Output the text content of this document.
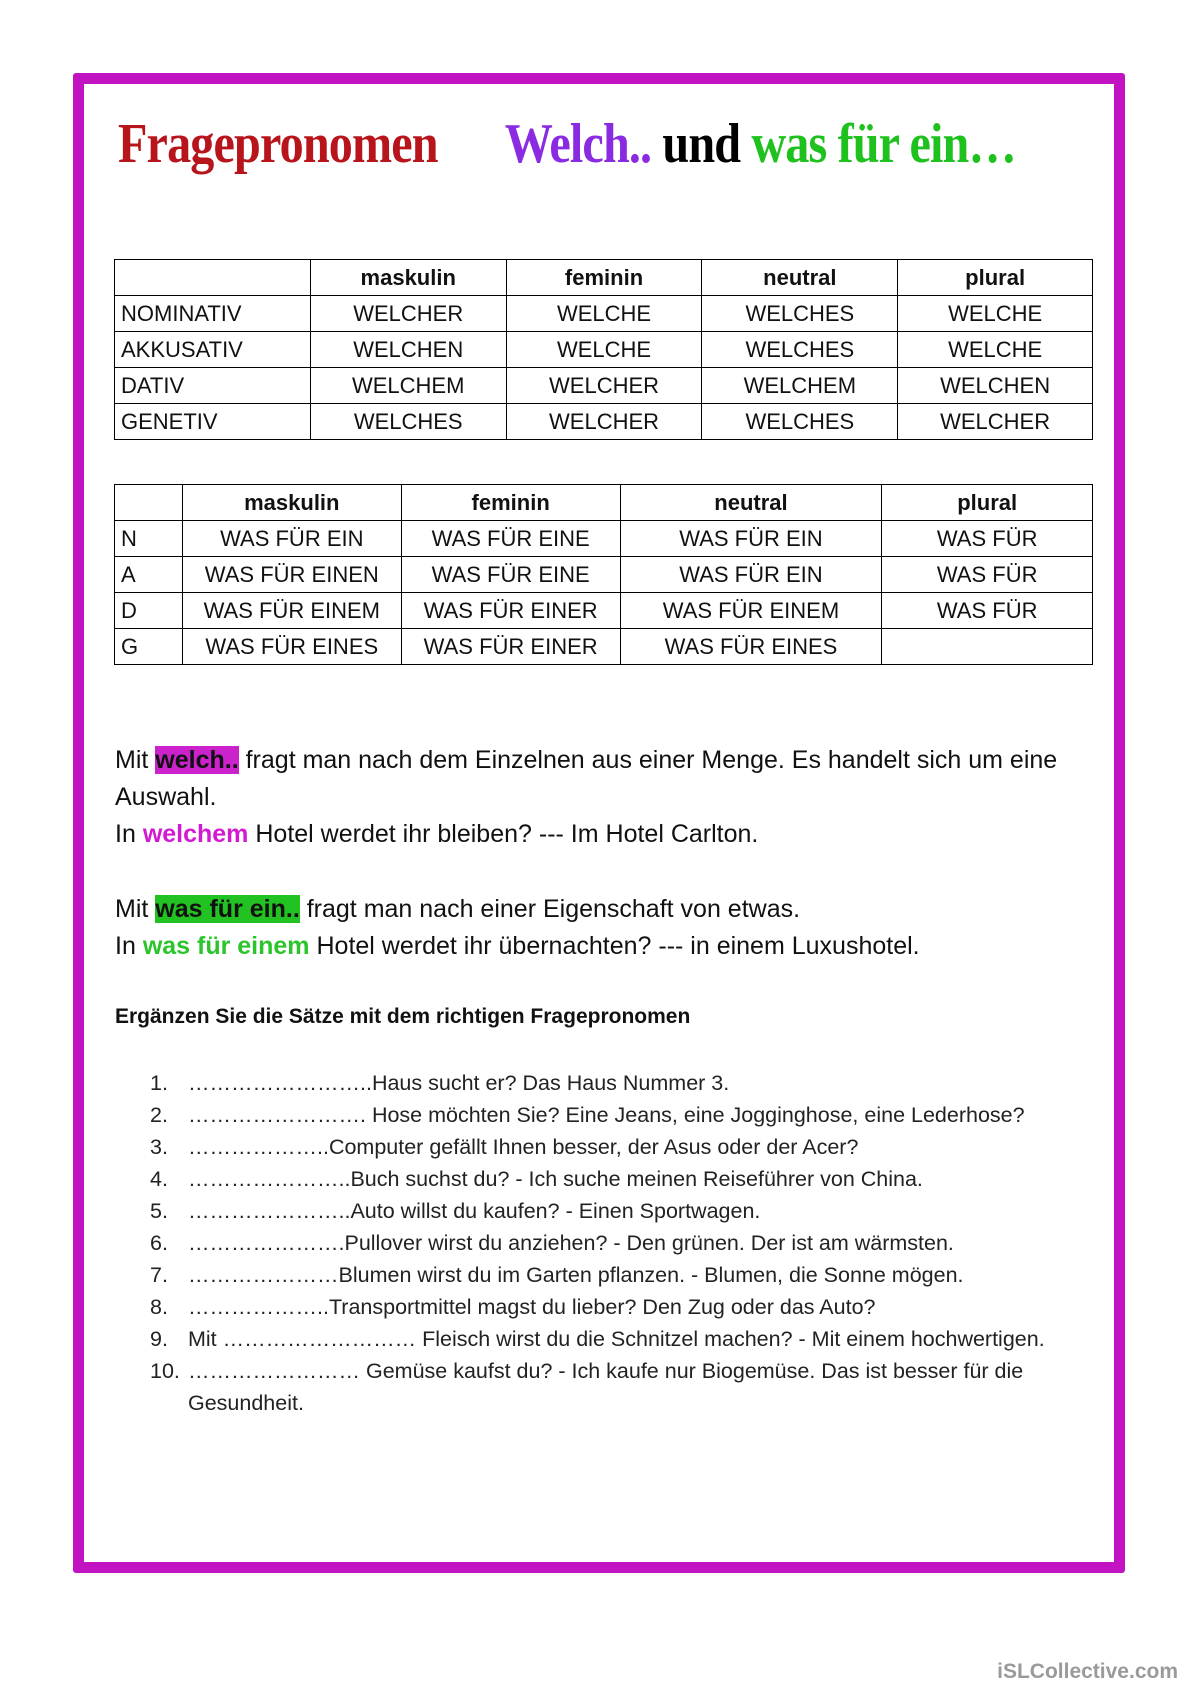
Fragepronomen Welch.. und was für ein…
	maskulin	feminin	neutral	plural
NOMINATIV	WELCHER	WELCHE	WELCHES	WELCHE
AKKUSATIV	WELCHEN	WELCHE	WELCHES	WELCHE
DATIV	WELCHEM	WELCHER	WELCHEM	WELCHEN
GENETIV	WELCHES	WELCHER	WELCHES	WELCHER
	maskulin	feminin	neutral	plural
N	WAS FÜR EIN	WAS FÜR EINE	WAS FÜR EIN	WAS FÜR
A	WAS FÜR EINEN	WAS FÜR EINE	WAS FÜR EIN	WAS FÜR
D	WAS FÜR EINEM	WAS FÜR EINER	WAS FÜR EINEM	WAS FÜR
G	WAS FÜR EINES	WAS FÜR EINER	WAS FÜR EINES	
Mit welch.. fragt man nach dem Einzelnen aus einer Menge. Es handelt sich um eine Auswahl.
In welchem Hotel werdet ihr bleiben? --- Im Hotel Carlton.
Mit was für ein.. fragt man nach einer Eigenschaft von etwas.
In was für einem Hotel werdet ihr übernachten? --- in einem Luxushotel.
Ergänzen Sie die Sätze mit dem richtigen Fragepronomen
1. ……………………..Haus sucht er? Das Haus Nummer 3.
2. ……………………. Hose möchten Sie? Eine Jeans, eine Jogginghose, eine Lederhose?
3. ………………..Computer gefällt Ihnen besser, der Asus oder der Acer?
4. …………………..Buch suchst du? - Ich suche meinen Reiseführer von China.
5. …………………..Auto willst du kaufen? - Einen Sportwagen.
6. ………………….Pullover wirst du anziehen? - Den grünen. Der ist am wärmsten.
7. …………………Blumen wirst du im Garten pflanzen. - Blumen, die Sonne mögen.
8. ………………..Transportmittel magst du lieber? Den Zug oder das Auto?
9. Mit ……………………… Fleisch wirst du die Schnitzel machen? - Mit einem hochwertigen.
10. …………………… Gemüse kaufst du? - Ich kaufe nur Biogemüse. Das ist besser für die Gesundheit.
iSLCollective.com
